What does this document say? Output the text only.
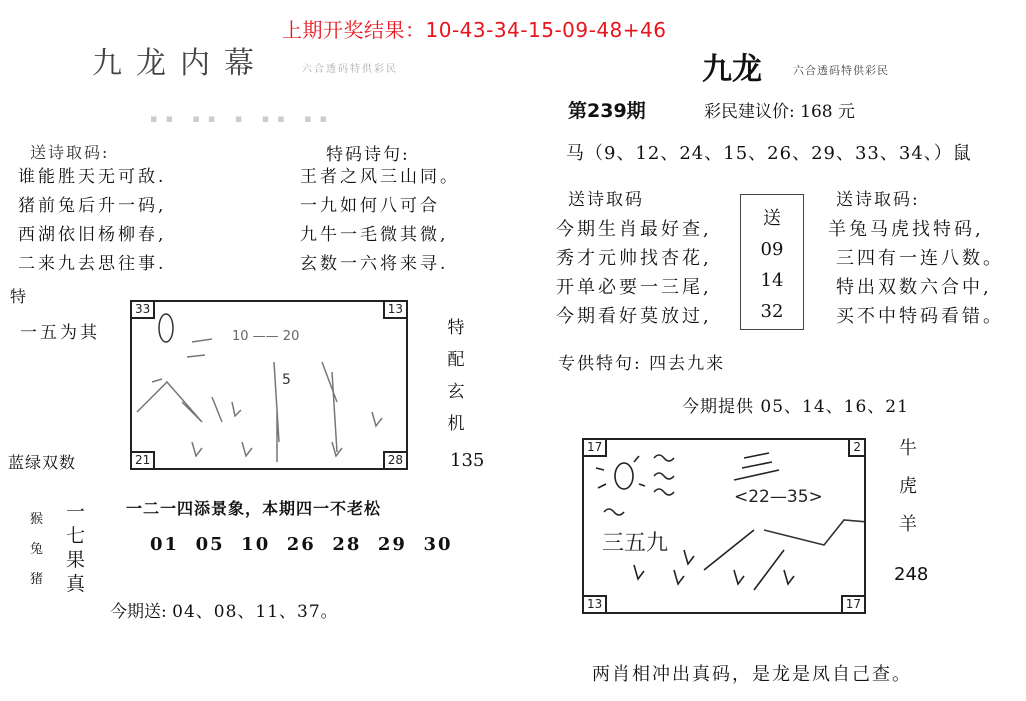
上期开奖结果：10-43-34-15-09-48+46
九龙内幕	六合透码特供彩民
▪▪ ▪▪ ▪ ▪▪ ▪▪
送诗取码:	特码诗句:
谁能胜天无可敌.
猪前兔后升一码,
西湖依旧杨柳春,
二来九去思往事.
王者之风三山同。
一九如何八可合
九牛一毛微其微,
玄数一六将来寻.
特
一五为其
蓝绿双数
10 —— 20
5
33	13
21	28
特
配
玄
机
135
猴
兔
猪
一
七
果
真
一二一四添景象，本期四一不老松
01  05  10  26  28  29  30
今期送: 04、08、11、37。
九龙	六合透码特供彩民
第239期	彩民建议价: 168 元
马（9、12、24、15、26、29、33、34、）鼠
送诗取码	送诗取码:
今期生肖最好查,
秀才元帅找杏花,
开单必要一三尾,
今期看好莫放过,
送
09
14
32
羊兔马虎找特码,
三四有一连八数。
特出双数六合中,
买不中特码看错。
专供特句: 四去九来
今期提供 05、14、16、21
<22—35>
三五九
17	2
13	17
牛
虎
羊
248
两肖相冲出真码，是龙是凤自己查。
